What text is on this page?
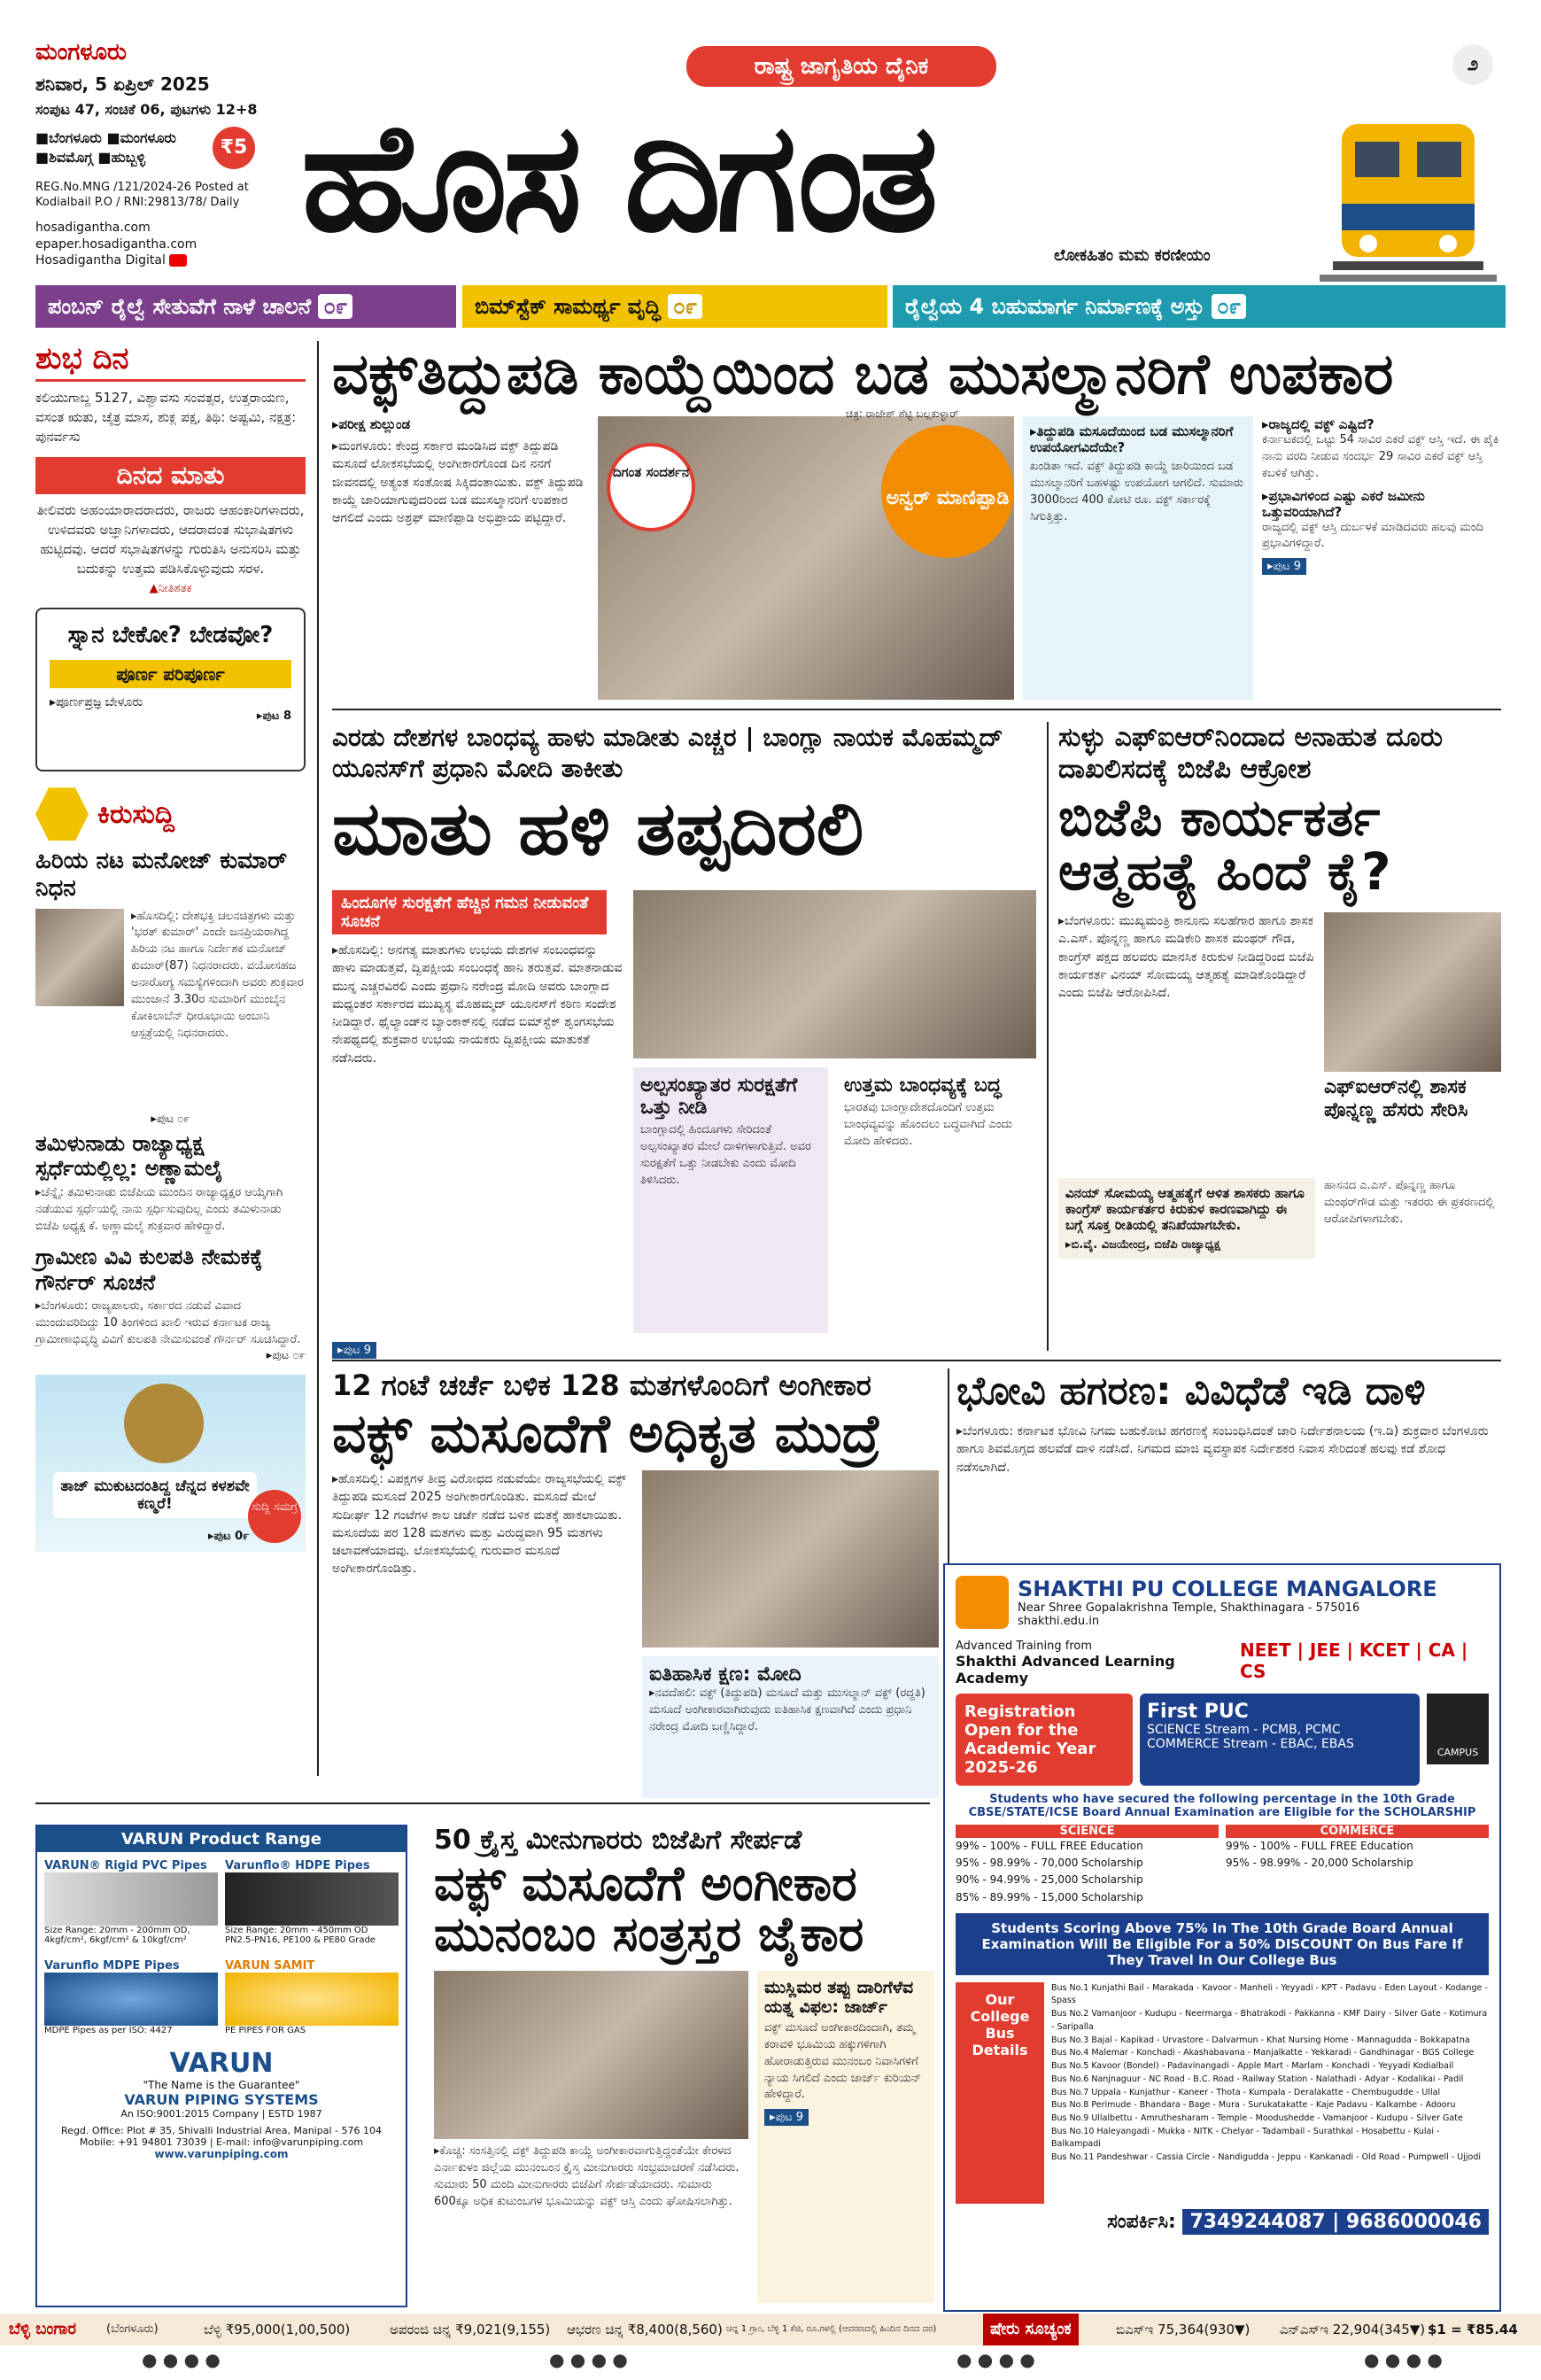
ಮಂಗಳೂರು
ಶನಿವಾರ, 5 ಏಪ್ರಿಲ್ 2025
ಸಂಪುಟ 47, ಸಂಚಿಕೆ 06, ಪುಟಗಳು 12+8
■ಬೆಂಗಳೂರು ■ಮಂಗಳೂರು ■ಶಿವಮೊಗ್ಗ ■ಹುಬ್ಬಳ್ಳಿ	₹5
REG.No.MNG /121/2024-26 Posted at Kodialbail P.O / RNI:29813/78/ Daily
hosadigantha.com
epaper.hosadigantha.com
Hosadigantha Digital
ರಾಷ್ಟ್ರ ಜಾಗೃತಿಯ ದೈನಿಕ	೨
ಹೊಸ ದಿಗಂತ	ಲೋಕಹಿತಂ ಮಮ ಕರಣೀಯಂ
ಪಂಬನ್ ರೈಲ್ವೆ ಸೇತುವೆಗೆ ನಾಳೆ ಚಾಲನೆ ೦೯	ಬಿಮ್‌ಸ್ಟೆಕ್ ಸಾಮರ್ಥ್ಯ ವೃದ್ಧಿ ೦೯	ರೈಲ್ವೆಯ 4 ಬಹುಮಾರ್ಗ ನಿರ್ಮಾಣಕ್ಕೆ ಅಸ್ತು ೦೯
ಶುಭ ದಿನ
ಕಲಿಯುಗಾಬ್ದ 5127, ವಿಶ್ವಾವಸು ಸಂವತ್ಸರ, ಉತ್ತರಾಯಣ, ವಸಂತ ಋತು, ಚೈತ್ರ ಮಾಸ, ಶುಕ್ಲ ಪಕ್ಷ, ತಿಥಿ: ಅಷ್ಟಮಿ, ನಕ್ಷತ್ರ: ಪುನರ್ವಸು
ದಿನದ ಮಾತು
ತೀಲಿವರು ಅಹಂಯಾರಾದರಾದರು, ರಾಜರು ಆಹಂಕಾರಿಗಳಾದರು, ಉಳಿದವರು ಅಜ್ಞಾನಿಗಳಾದರು, ಆದರಾದಂತ ಸುಭಾಷಿತಗಳು ಹುಟ್ಟಿದವು. ಆದರೆ ಸಭಾಷಿತಗಳನ್ನು ಗುರುತಿಸಿ ಅನುಸರಿಸಿ ಮತ್ತು ಬದುಕನ್ನು ಉತ್ತಮ ಪಡಿಸಿಕೊಳ್ಳುವುದು ಸರಳ.
▲ನೀತಿಶತಕ
ಸ್ನಾನ ಬೇಕೋ? ಬೇಡವೋ?
ಪೂರ್ಣ ಪರಿಪೂರ್ಣ
▸ಪೂರ್ಣಪ್ರಜ್ಞ ಬೇಳೂರು
▸ಪುಟ 8
ಕಿರುಸುದ್ದಿ
ಹಿರಿಯ ನಟ ಮನೋಜ್ ಕುಮಾರ್ ನಿಧನ
▸ಹೊಸದಿಲ್ಲಿ: ದೇಶಭಕ್ತಿ ಚಲನಚಿತ್ರಗಳು ಮತ್ತು 'ಭರತ್ ಕುಮಾರ್' ಎಂದೇ ಜನಪ್ರಿಯರಾಗಿದ್ದ ಹಿರಿಯ ನಟ ಹಾಗೂ ನಿರ್ದೇಶಕ ಮನೋಜ್ ಕುಮಾರ್(87) ನಿಧನರಾದರು. ವಯೋಸಹಜ ಅನಾರೋಗ್ಯ ಸಮಸ್ಯೆಗಳಿಂದಾಗಿ ಅವರು ಶುಕ್ರವಾರ ಮುಂಜಾನೆ 3.30ರ ಸುಮಾರಿಗೆ ಮುಂಬೈನ ಕೋಕಿಲಾಬೆನ್ ಧೀರೂಭಾಯಿ ಅಂಬಾನಿ ಆಸ್ಪತ್ರೆಯಲ್ಲಿ ನಿಧನರಾದರು.
▸ಪುಟ ೦೯
ತಮಿಳುನಾಡು ರಾಜ್ಯಾಧ್ಯಕ್ಷ ಸ್ಪರ್ಧೆಯಲ್ಲಿಲ್ಲ: ಅಣ್ಣಾಮಲೈ
▸ಚೆನ್ನೈ: ತಮಿಳುನಾಡು ಬಿಜೆಪಿಯ ಮುಂದಿನ ರಾಜ್ಯಾಧ್ಯಕ್ಷರ ಆಯ್ಕೆಗಾಗಿ ನಡೆಯುವ ಸ್ಪರ್ಧೆಯಲ್ಲಿ ನಾನು ಸ್ಪರ್ಧಿಸುವುದಿಲ್ಲ ಎಂದು ತಮಿಳುನಾಡು ಬಿಜೆಪಿ ಅಧ್ಯಕ್ಷ ಕೆ. ಅಣ್ಣಾಮಲೈ ಶುಕ್ರವಾರ ಹೇಳಿದ್ದಾರೆ.
ಗ್ರಾಮೀಣ ವಿವಿ ಕುಲಪತಿ ನೇಮಕಕ್ಕೆ ಗೌರ್ನರ್ ಸೂಚನೆ
▸ಬೆಂಗಳೂರು: ರಾಜ್ಯಪಾಲರು, ಸರ್ಕಾರದ ನಡುವೆ ವಿವಾದ ಮುಂದುವರಿದಿದ್ದು 10 ತಿಂಗಳಿಂದ ಖಾಲಿ ಇರುವ ಕರ್ನಾಟಕ ರಾಜ್ಯ ಗ್ರಾಮೀಣಾಭಿವೃದ್ಧಿ ವಿವಿಗೆ ಕುಲಪತಿ ನೇಮಿಸುವಂತೆ ಗೌರ್ನರ್ ಸೂಚಿಸಿದ್ದಾರೆ.
▸ಪುಟ ೦೯
ತಾಜ್ ಮುಕುಟದಂತಿದ್ದ ಚೆನ್ನದ ಕಳಶವೇ ಕಣ್ಮರೆ!
▸ಪುಟ 0೯
ಸುದ್ದಿ ಸಮಗ್ರ
ವಕ್ಫ್‌ತಿದ್ದುಪಡಿ ಕಾಯ್ದೆಯಿಂದ ಬಡ ಮುಸಲ್ಮಾನರಿಗೆ ಉಪಕಾರ
▸ಪರೀಕ್ಷ ಶುಲ್ಲುಂಡ
▸ಮಂಗಳೂರು: ಕೇಂದ್ರ ಸರ್ಕಾರ ಮಂಡಿಸಿದ ವಕ್ಫ್ ತಿದ್ದುಪಡಿ ಮಸೂದೆ ಲೋಕಸಭೆಯಲ್ಲಿ ಅಂಗೀಕಾರಗೊಂಡ ದಿನ ನನಗೆ ಜೀವನದಲ್ಲಿ ಅತ್ಯಂತ ಸಂತೋಷ ಸಿಕ್ಕಿದಂತಾಯಿತು. ವಕ್ಫ್ ತಿದ್ದುಪಡಿ ಕಾಯ್ದೆ ಜಾರಿಯಾಗುವುದರಿಂದ ಬಡ ಮುಸಲ್ಮಾನರಿಗೆ ಉಪಕಾರ ಆಗಲಿದೆ ಎಂದು ಅಶ್ರಫ್ ಮಾಣಿಪ್ಪಾಡಿ ಅಭಿಪ್ರಾಯ ಪಟ್ಟಿದ್ದಾರೆ.
ದಿಗಂತ ಸಂದರ್ಶನ
ಚಿತ್ರ: ರಾಜೇಶ್ ಶೆಟ್ಟಿ ಬಲ್ಲಕುಳ್ಳಾರ್
ಅನ್ವರ್ ಮಾಣಿಪ್ಪಾಡಿ
▸ತಿದ್ದುಪಡಿ ಮಸೂದೆಯಿಂದ ಬಡ ಮುಸಲ್ಮಾನರಿಗೆ ಉಪಯೋಗವಿದೆಯೇ?
ಖಂಡಿತಾ ಇದೆ. ವಕ್ಫ್ ತಿದ್ದುಪಡಿ ಕಾಯ್ದೆ ಜಾರಿಯಿಂದ ಬಡ ಮುಸಲ್ಮಾನರಿಗೆ ಬಹಳಷ್ಟು ಉಪಯೋಗ ಆಗಲಿದೆ. ಸುಮಾರು 3000ರಿಂದ 400 ಕೋಟಿ ರೂ. ವಕ್ಫ್ ಸರ್ಕಾರಕ್ಕೆ ಸಿಗುತ್ತಿತ್ತು.
▸ರಾಜ್ಯದಲ್ಲಿ ವಕ್ಫ್ ಎಷ್ಟಿದೆ?
ಕರ್ನಾಟಕದಲ್ಲಿ ಒಟ್ಟು 54 ಸಾವಿರ ಎಕರೆ ವಕ್ಫ್ ಆಸ್ತಿ ಇದೆ. ಈ ಪೈಕಿ ನಾನು ವರದಿ ನೀಡುವ ಸಂದರ್ಭ 29 ಸಾವಿರ ಎಕರೆ ವಕ್ಫ್ ಆಸ್ತಿ ಕಬಳಿಕೆ ಆಗಿತ್ತು.
▸ಪ್ರಭಾವಿಗಳಿಂದ ಎಷ್ಟು ಎಕರೆ ಜಮೀನು ಒತ್ತುವರಿಯಾಗಿದೆ?
ರಾಜ್ಯದಲ್ಲಿ ವಕ್ಫ್ ಆಸ್ತಿ ದುರ್ಬಳಕೆ ಮಾಡಿದವರು ಹಲವು ಮಂದಿ ಪ್ರಭಾವಿಗಳಿದ್ದಾರೆ.
▸ಪುಟ 9
ಎರಡು ದೇಶಗಳ ಬಾಂಧವ್ಯ ಹಾಳು ಮಾಡೀತು ಎಚ್ಚರ | ಬಾಂಗ್ಲಾ ನಾಯಕ ಮೊಹಮ್ಮದ್ ಯೂನಸ್‌ಗೆ ಪ್ರಧಾನಿ ಮೋದಿ ತಾಕೀತು
ಮಾತು ಹಳಿ ತಪ್ಪದಿರಲಿ
ಹಿಂದೂಗಳ ಸುರಕ್ಷತೆಗೆ ಹೆಚ್ಚಿನ ಗಮನ ನೀಡುವಂತೆ ಸೂಚನೆ
▸ಹೊಸದಿಲ್ಲಿ: ಅನಗತ್ಯ ಮಾತುಗಳು ಉಭಯ ದೇಶಗಳ ಸಂಬಂಧವನ್ನು ಹಾಳು ಮಾಡುತ್ತವೆ, ದ್ವಿಪಕ್ಷೀಯ ಸಂಬಂಧಕ್ಕೆ ಹಾನಿ ತರುತ್ತವೆ. ಮಾತನಾಡುವ ಮುನ್ನ ಎಚ್ಚರವಿರಲಿ ಎಂದು ಪ್ರಧಾನಿ ನರೇಂದ್ರ ಮೋದಿ ಅವರು ಬಾಂಗ್ಲಾದ ಮಧ್ಯಂತರ ಸರ್ಕಾರದ ಮುಖ್ಯಸ್ಥ ಮೊಹಮ್ಮದ್ ಯೂನಸ್‌ಗೆ ಕಠಿಣ ಸಂದೇಶ ನೀಡಿದ್ದಾರೆ. ಥೈಲ್ಯಾಂಡ್‌ನ ಬ್ಯಾಂಕಾಕ್‌ನಲ್ಲಿ ನಡೆದ ಬಿಮ್‌ಸ್ಟೆಕ್ ಶೃಂಗಸಭೆಯ ನೇಪಥ್ಯದಲ್ಲಿ ಶುಕ್ರವಾರ ಉಭಯ ನಾಯಕರು ದ್ವಿಪಕ್ಷೀಯ ಮಾತುಕತೆ ನಡೆಸಿದರು.
▸ಪುಟ 9
ಅಲ್ಪಸಂಖ್ಯಾತರ ಸುರಕ್ಷತೆಗೆ ಒತ್ತು ನೀಡಿ
ಬಾಂಗ್ಲಾದಲ್ಲಿ ಹಿಂದೂಗಳು ಸೇರಿದಂತೆ ಅಲ್ಪಸಂಖ್ಯಾತರ ಮೇಲೆ ದಾಳಿಗಳಾಗುತ್ತಿವೆ. ಅವರ ಸುರಕ್ಷತೆಗೆ ಒತ್ತು ನೀಡಬೇಕು ಎಂದು ಮೋದಿ ತಿಳಿಸಿದರು.
ಉತ್ತಮ ಬಾಂಧವ್ಯಕ್ಕೆ ಬದ್ಧ
ಭಾರತವು ಬಾಂಗ್ಲಾದೇಶದೊಂದಿಗೆ ಉತ್ತಮ ಬಾಂಧವ್ಯವನ್ನು ಹೊಂದಲು ಬದ್ಧವಾಗಿದೆ ಎಂದು ಮೋದಿ ಹೇಳಿದರು.
ಸುಳ್ಳು ಎಫ್‌ಐಆರ್‌ನಿಂದಾದ ಅನಾಹುತ ದೂರು ದಾಖಲಿಸದಕ್ಕೆ ಬಿಜೆಪಿ ಆಕ್ರೋಶ
ಬಿಜೆಪಿ ಕಾರ್ಯಕರ್ತ ಆತ್ಮಹತ್ಯೆ ಹಿಂದೆ ಕೈ?
▸ಬೆಂಗಳೂರು: ಮುಖ್ಯಮಂತ್ರಿ ಕಾನೂನು ಸಲಹೆಗಾರ ಹಾಗೂ ಶಾಸಕ ಎ.ಎಸ್. ಪೊನ್ನಣ್ಣ ಹಾಗೂ ಮಡಿಕೇರಿ ಶಾಸಕ ಮಂಥರ್ ಗೌಡ, ಕಾಂಗ್ರೆಸ್ ಪಕ್ಷದ ಹಲವರು ಮಾನಸಿಕ ಕಿರುಕುಳ ನೀಡಿದ್ದರಿಂದ ಬಿಜೆಪಿ ಕಾರ್ಯಕರ್ತ ವಿನಯ್ ಸೋಮಯ್ಯ ಆತ್ಮಹತ್ಯೆ ಮಾಡಿಕೊಂಡಿದ್ದಾರೆ ಎಂದು ಬಿಜೆಪಿ ಆರೋಪಿಸಿದೆ.
ಎಫ್‌ಐಆರ್‌ನಲ್ಲಿ ಶಾಸಕ ಪೊನ್ನಣ್ಣ ಹೆಸರು ಸೇರಿಸಿ
ಹಾಸನದ ಎ.ಎಸ್. ಪೊನ್ನಣ್ಣ ಹಾಗೂ ಮಂಥರ್‌ಗೌಡ ಮತ್ತು ಇತರರು ಈ ಪ್ರಕರಣದಲ್ಲಿ ಆರೋಪಿಗಳಾಗಬೇಕು.
ವಿನಯ್ ಸೋಮಯ್ಯ ಆತ್ಮಹತ್ಯೆಗೆ ಆಳಿತ ಶಾಸಕರು ಹಾಗೂ ಕಾಂಗ್ರೆಸ್ ಕಾರ್ಯಕರ್ತರ ಕಿರುಕುಳ ಕಾರಣವಾಗಿದ್ದು ಈ ಬಗ್ಗೆ ಸೂಕ್ತ ರೀತಿಯಲ್ಲಿ ತನಿಖೆಯಾಗಬೇಕು.
▸ಬಿ.ವೈ. ವಿಜಯೇಂದ್ರ, ಬಿಜೆಪಿ ರಾಜ್ಯಾಧ್ಯಕ್ಷ
12 ಗಂಟೆ ಚರ್ಚೆ ಬಳಿಕ 128 ಮತಗಳೊಂದಿಗೆ ಅಂಗೀಕಾರ
ವಕ್ಫ್ ಮಸೂದೆಗೆ ಅಧಿಕೃತ ಮುದ್ರೆ
▸ಹೊಸದಿಲ್ಲಿ: ವಿಪಕ್ಷಗಳ ತೀವ್ರ ವಿರೋಧದ ನಡುವೆಯೇ ರಾಜ್ಯಸಭೆಯಲ್ಲಿ ವಕ್ಫ್ ತಿದ್ದುಪಡಿ ಮಸೂದೆ 2025 ಅಂಗೀಕಾರಗೊಂಡಿತು. ಮಸೂದೆ ಮೇಲೆ ಸುದೀರ್ಘ 12 ಗಂಟೆಗಳ ಕಾಲ ಚರ್ಚೆ ನಡೆದ ಬಳಿಕ ಮತಕ್ಕೆ ಹಾಕಲಾಯಿತು. ಮಸೂದೆಯ ಪರ 128 ಮತಗಳು ಮತ್ತು ವಿರುದ್ಧವಾಗಿ 95 ಮತಗಳು ಚಲಾವಣೆಯಾದವು. ಲೋಕಸಭೆಯಲ್ಲಿ ಗುರುವಾರ ಮಸೂದೆ ಅಂಗೀಕಾರಗೊಂಡಿತ್ತು.
ಐತಿಹಾಸಿಕ ಕ್ಷಣ: ಮೋದಿ
▸ನವದೆಹಲಿ: ವಕ್ಫ್ (ತಿದ್ದುಪಡಿ) ಮಸೂದೆ ಮತ್ತು ಮುಸಲ್ಮಾನ್ ವಕ್ಫ್ (ರದ್ದತಿ) ಮಸೂದೆ ಅಂಗೀಕಾರವಾಗಿರುವುದು ಐತಿಹಾಸಿಕ ಕ್ಷಣವಾಗಿದೆ ಎಂದು ಪ್ರಧಾನಿ ನರೇಂದ್ರ ಮೋದಿ ಬಣ್ಣಿಸಿದ್ದಾರೆ.
ಭೋವಿ ಹಗರಣ: ವಿವಿಧೆಡೆ ಇಡಿ ದಾಳಿ
▸ಬೆಂಗಳೂರು: ಕರ್ನಾಟಕ ಭೋವಿ ನಿಗಮ ಬಹುಕೋಟಿ ಹಗರಣಕ್ಕೆ ಸಂಬಂಧಿಸಿದಂತೆ ಜಾರಿ ನಿರ್ದೇಶನಾಲಯ (ಇ.ಡಿ) ಶುಕ್ರವಾರ ಬೆಂಗಳೂರು ಹಾಗೂ ಶಿವಮೊಗ್ಗದ ಹಲವೆಡೆ ದಾಳಿ ನಡೆಸಿದೆ. ನಿಗಮದ ಮಾಜಿ ವ್ಯವಸ್ಥಾಪಕ ನಿರ್ದೇಶಕರ ನಿವಾಸ ಸೇರಿದಂತೆ ಹಲವು ಕಡೆ ಶೋಧ ನಡೆಸಲಾಗಿದೆ.
SHAKTHI PU COLLEGE MANGALORE
Near Shree Gopalakrishna Temple, Shakthinagara - 575016
shakthi.edu.in
Advanced Training from
Shakthi Advanced Learning Academy
NEET | JEE | KCET | CA | CS
Registration Open for the Academic Year 2025-26
First PUC
SCIENCE Stream - PCMB, PCMC
COMMERCE Stream - EBAC, EBAS
CAMPUS
Students who have secured the following percentage in the 10th Grade CBSE/STATE/ICSE Board Annual Examination are Eligible for the SCHOLARSHIP
SCIENCE
99% - 100% - FULL FREE Education
95% - 98.99% - 70,000 Scholarship
90% - 94.99% - 25,000 Scholarship
85% - 89.99% - 15,000 Scholarship
COMMERCE
99% - 100% - FULL FREE Education
95% - 98.99% - 20,000 Scholarship
Students Scoring Above 75% In The 10th Grade Board Annual Examination Will Be Eligible For a 50% DISCOUNT On Bus Fare If They Travel In Our College Bus
Our College Bus Details
Bus No.1 Kunjathi Bail - Marakada - Kavoor - Manheli - Yeyyadi - KPT - Padavu - Eden Layout - Kodange - Spass
Bus No.2 Vamanjoor - Kudupu - Neermarga - Bhatrakodi - Pakkanna - KMF Dairy - Silver Gate - Kotimura - Saripalla
Bus No.3 Bajal - Kapikad - Urvastore - Dalvarmun - Khat Nursing Home - Mannagudda - Bokkapatna
Bus No.4 Malemar - Konchadi - Akashabavana - Manjalkatte - Yekkaradi - Gandhinagar - BGS College
Bus No.5 Kavoor (Bondel) - Padavinangadi - Apple Mart - Marlam - Konchadi - Yeyyadi Kodialbail
Bus No.6 Nanjnaguur - NC Road - B.C. Road - Railway Station - Nalathadi - Adyar - Kodalikai - Padil
Bus No.7 Uppala - Kunjathur - Kaneer - Thota - Kumpala - Deralakatte - Chembugudde - Ullal
Bus No.8 Perimude - Bhandara - Bage - Mura - Surukatakatte - Kaje Padavu - Kalkambe - Adooru
Bus No.9 Ullalbettu - Amruthesharam - Temple - Moodushedde - Vamanjoor - Kudupu - Silver Gate
Bus No.10 Haleyangadi - Mukka - NITK - Chelyar - Tadambail - Surathkal - Hosabettu - Kulai - Balkampadi
Bus No.11 Pandeshwar - Cassia Circle - Nandigudda - Jeppu - Kankanadi - Old Road - Pumpwell - Ujjodi
ಸಂಪರ್ಕಿಸಿ: 7349244087 | 9686000046
VARUN Product Range
VARUN® Rigid PVC Pipes
Size Range: 20mm - 200mm OD, 4kgf/cm², 6kgf/cm² & 10kgf/cm²
Varunflo® HDPE Pipes
Size Range: 20mm - 450mm OD PN2.5-PN16, PE100 & PE80 Grade
Varunflo MDPE Pipes
MDPE Pipes as per ISO: 4427
VARUN SAMIT
PE PIPES FOR GAS
VARUN
"The Name is the Guarantee"
VARUN PIPING SYSTEMS
An ISO:9001:2015 Company | ESTD 1987
Regd. Office: Plot # 35, Shivalli Industrial Area, Manipal - 576 104
Mobile: +91 94801 73039 | E-mail: info@varunpiping.com
www.varunpiping.com
50 ಕ್ರೈಸ್ತ ಮೀನುಗಾರರು ಬಿಜೆಪಿಗೆ ಸೇರ್ಪಡೆ
ವಕ್ಫ್ ಮಸೂದೆಗೆ ಅಂಗೀಕಾರ ಮುನಂಬಂ ಸಂತ್ರಸ್ತರ ಜೈಕಾರ
▸ಕೊಚ್ಚಿ: ಸಂಸತ್ತಿನಲ್ಲಿ ವಕ್ಫ್ ತಿದ್ದುಪಡಿ ಕಾಯ್ದೆ ಅಂಗೀಕಾರವಾಗುತ್ತಿದ್ದಂತೆಯೇ ಕೇರಳದ ಎರ್ನಾಕುಳಂ ಜಿಲ್ಲೆಯ ಮುನಂಬಂನ ಕ್ರೈಸ್ತ ಮೀನುಗಾರರು ಸಂಭ್ರಮಾಚರಣೆ ನಡೆಸಿದರು. ಸುಮಾರು 50 ಮಂದಿ ಮೀನುಗಾರರು ಬಿಜೆಪಿಗೆ ಸೇರ್ಪಡೆಯಾದರು. ಸುಮಾರು 600ಕ್ಕೂ ಅಧಿಕ ಕುಟುಂಬಗಳ ಭೂಮಿಯನ್ನು ವಕ್ಫ್ ಆಸ್ತಿ ಎಂದು ಘೋಷಿಸಲಾಗಿತ್ತು.
ಮುಸ್ಲಿಮರ ತಪ್ಪು ದಾರಿಗೆಳೆವ ಯತ್ನ ವಿಫಲ: ಜಾರ್ಜ್
ವಕ್ಫ್ ಮಸೂದೆ ಅಂಗೀಕಾರದಿಂದಾಗಿ, ತಮ್ಮ ಕರಾವಳಿ ಭೂಮಿಯ ಹಕ್ಕುಗಳಿಗಾಗಿ ಹೋರಾಡುತ್ತಿರುವ ಮುನಂಬಂ ನಿವಾಸಿಗಳಿಗೆ ನ್ಯಾಯ ಸಿಗಲಿದೆ ಎಂದು ಜಾರ್ಜ್ ಕುರಿಯನ್ ಹೇಳಿದ್ದಾರೆ.
▸ಪುಟ 9
ಬೆಳ್ಳಿ ಬಂಗಾರ	(ಬೆಂಗಳೂರು)	ಬೆಳ್ಳಿ ₹95,000(1,00,500)	ಅಪರಂಜಿ ಚಿನ್ನ ₹9,021(9,155) ಆಭರಣ ಚಿನ್ನ ₹8,400(8,560) ಚಿನ್ನ 1 ಗ್ರಾಂ, ಬೆಳ್ಳಿ 1 ಕೆಜಿ, ರೂ.ಗಳಲ್ಲಿ (ಆವರಣದಲ್ಲಿ ಹಿಂದಿನ ದಿನದ ದರ)	ಷೇರು ಸೂಚ್ಯಂಕ	ಬಿಎಸ್‌ಇ 75,364(930▼) ಎನ್‌ಎಸ್‌ಇ 22,904(345▼) $1 = ₹85.44
● ● ● ●	● ● ● ●	● ● ● ●	● ● ● ●
